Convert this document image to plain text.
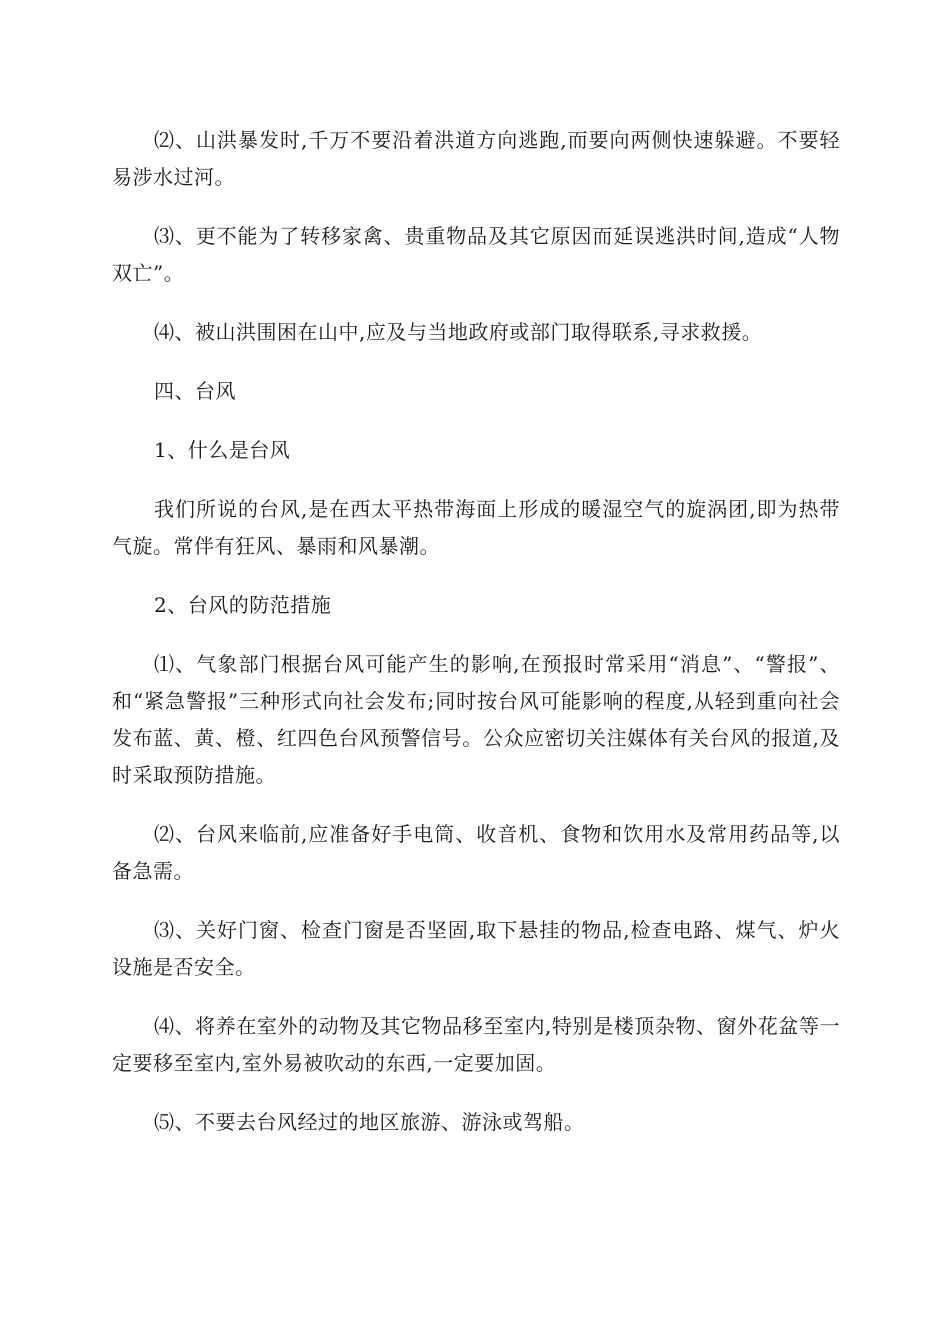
⑵、山洪暴发时,千万不要沿着洪道方向逃跑,而要向两侧快速躲避。不要轻易涉水过河。

⑶、更不能为了转移家禽、贵重物品及其它原因而延误逃洪时间,造成“人物双亡”。

⑷、被山洪围困在山中,应及与当地政府或部门取得联系,寻求救援。

四、台风

1、什么是台风

我们所说的台风,是在西太平热带海面上形成的暖湿空气的旋涡团,即为热带气旋。常伴有狂风、暴雨和风暴潮。

2、台风的防范措施

⑴、气象部门根据台风可能产生的影响,在预报时常采用“消息”、“警报”、和“紧急警报”三种形式向社会发布;同时按台风可能影响的程度,从轻到重向社会发布蓝、黄、橙、红四色台风预警信号。公众应密切关注媒体有关台风的报道,及时采取预防措施。

⑵、台风来临前,应准备好手电筒、收音机、食物和饮用水及常用药品等,以备急需。

⑶、关好门窗、检查门窗是否坚固,取下悬挂的物品,检查电路、煤气、炉火设施是否安全。

⑷、将养在室外的动物及其它物品移至室内,特别是楼顶杂物、窗外花盆等一定要移至室内,室外易被吹动的东西,一定要加固。

⑸、不要去台风经过的地区旅游、游泳或驾船。
